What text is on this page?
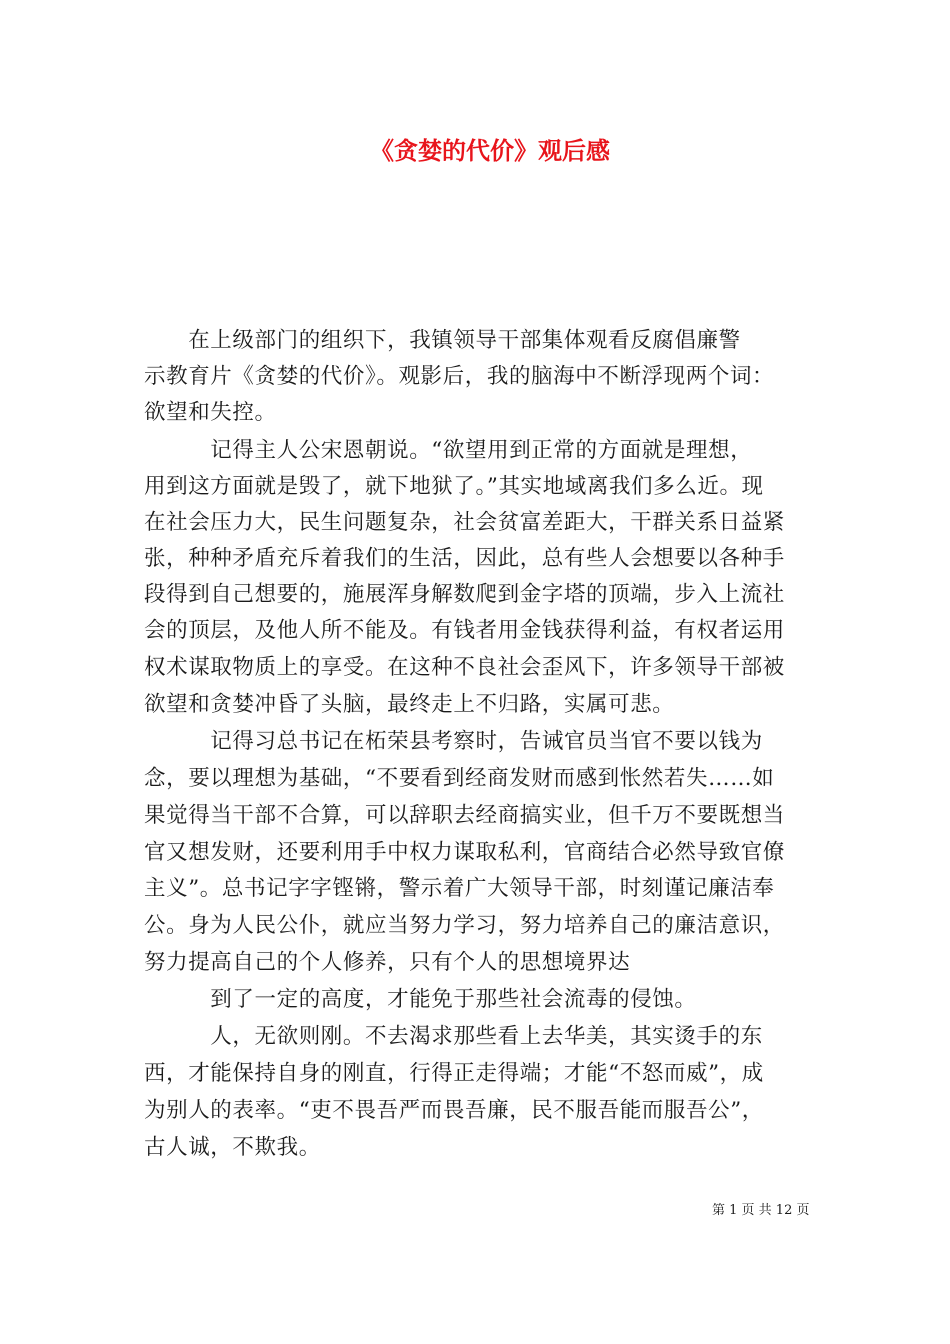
《贪婪的代价》观后感
　　在上级部门的组织下，我镇领导干部集体观看反腐倡廉警
示教育片《贪婪的代价》。观影后，我的脑海中不断浮现两个词：
欲望和失控。
　　　记得主人公宋恩朝说。“欲望用到正常的方面就是理想，
用到这方面就是毁了，就下地狱了。”其实地域离我们多么近。现
在社会压力大，民生问题复杂，社会贫富差距大，干群关系日益紧
张，种种矛盾充斥着我们的生活，因此，总有些人会想要以各种手
段得到自己想要的，施展浑身解数爬到金字塔的顶端，步入上流社
会的顶层，及他人所不能及。有钱者用金钱获得利益，有权者运用
权术谋取物质上的享受。在这种不良社会歪风下，许多领导干部被
欲望和贪婪冲昏了头脑，最终走上不归路，实属可悲。
　　　记得习总书记在柘荣县考察时，告诫官员当官不要以钱为
念，要以理想为基础，“不要看到经商发财而感到怅然若失……如
果觉得当干部不合算，可以辞职去经商搞实业，但千万不要既想当
官又想发财，还要利用手中权力谋取私利，官商结合必然导致官僚
主义”。总书记字字铿锵，警示着广大领导干部，时刻谨记廉洁奉
公。身为人民公仆，就应当努力学习，努力培养自己的廉洁意识，
努力提高自己的个人修养，只有个人的思想境界达
　　　到了一定的高度，才能免于那些社会流毒的侵蚀。
　　　人，无欲则刚。不去渴求那些看上去华美，其实烫手的东
西，才能保持自身的刚直，行得正走得端；才能“不怒而威”，成
为别人的表率。“吏不畏吾严而畏吾廉，民不服吾能而服吾公”，
古人诚，不欺我。
第 1 页 共 12 页
